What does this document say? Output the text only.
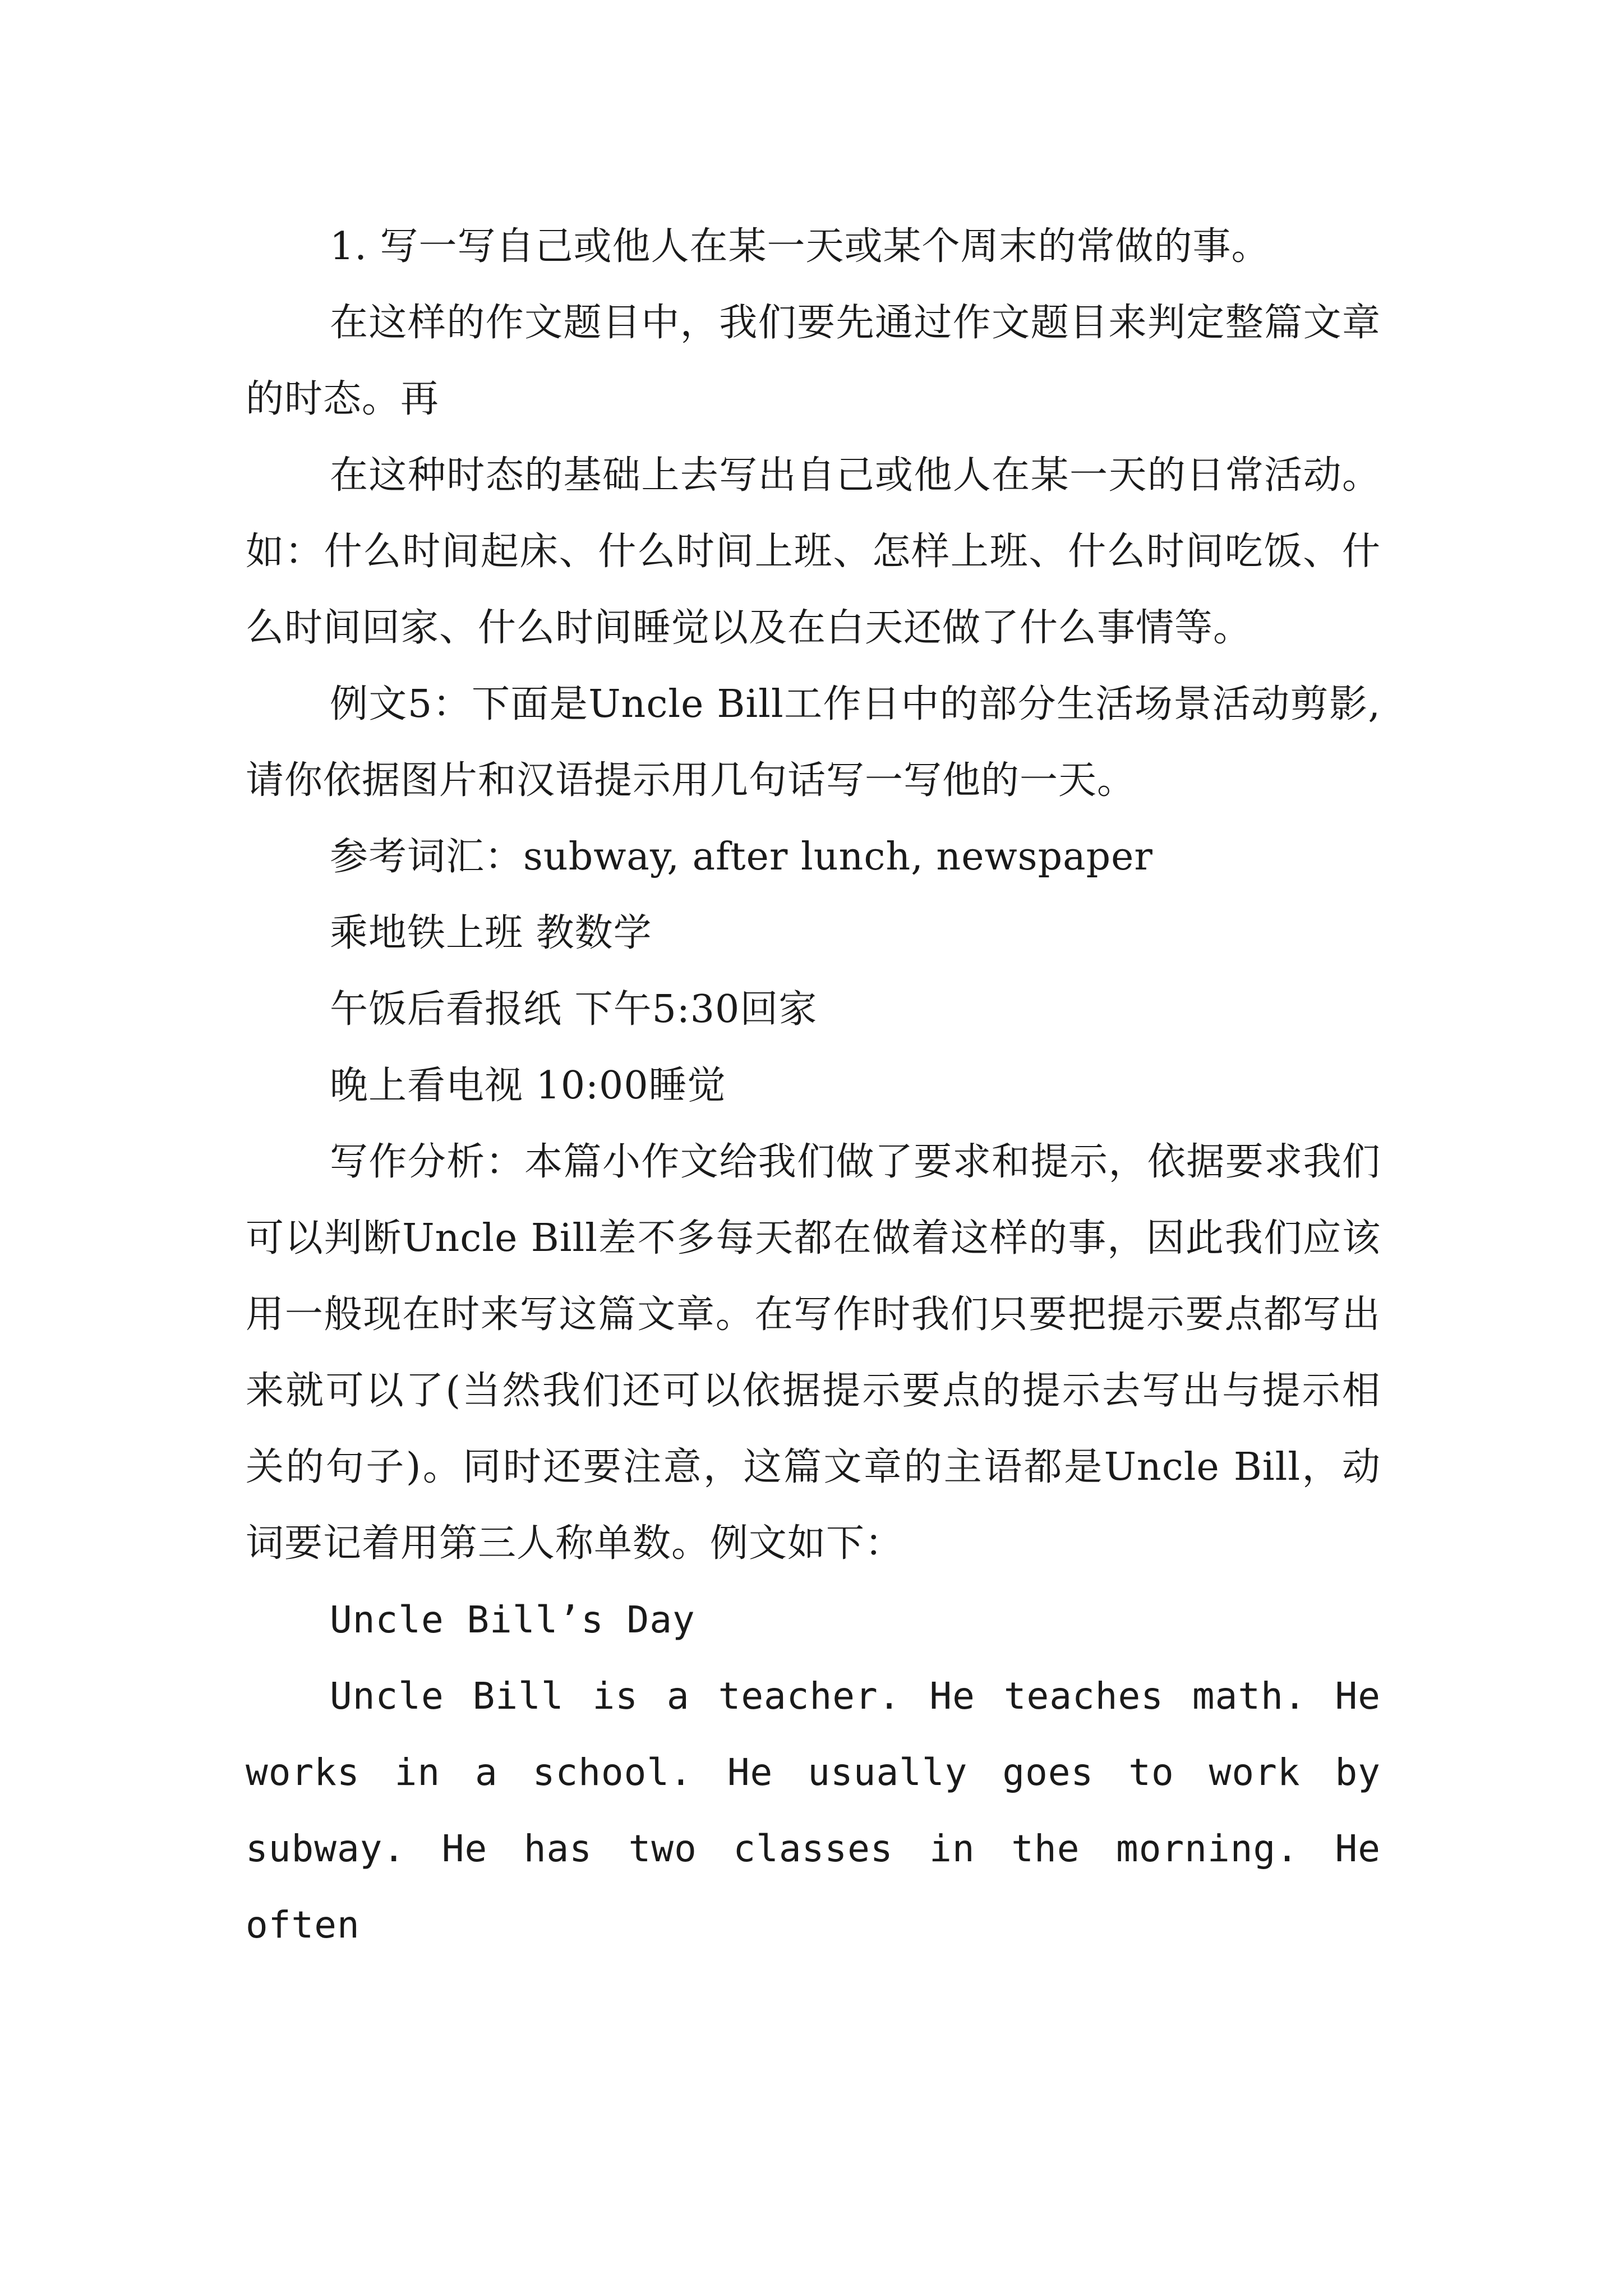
1. 写一写自己或他人在某一天或某个周末的常做的事。

在这样的作文题目中，我们要先通过作文题目来判定整篇文章的时态。再

在这种时态的基础上去写出自己或他人在某一天的日常活动。如：什么时间起床、什么时间上班、怎样上班、什么时间吃饭、什么时间回家、什么时间睡觉以及在白天还做了什么事情等。

例文5：下面是Uncle Bill工作日中的部分生活场景活动剪影,请你依据图片和汉语提示用几句话写一写他的一天。

参考词汇：subway, after lunch, newspaper

乘地铁上班 教数学

午饭后看报纸 下午5:30回家

晚上看电视 10:00睡觉

写作分析：本篇小作文给我们做了要求和提示，依据要求我们可以判断Uncle Bill差不多每天都在做着这样的事，因此我们应该用一般现在时来写这篇文章。在写作时我们只要把提示要点都写出来就可以了(当然我们还可以依据提示要点的提示去写出与提示相关的句子)。同时还要注意，这篇文章的主语都是Uncle Bill，动词要记着用第三人称单数。例文如下：

Uncle Bill’s Day

Uncle Bill is a teacher. He teaches math. He works in a school. He usually goes to work by subway. He has two classes in the morning. He often
